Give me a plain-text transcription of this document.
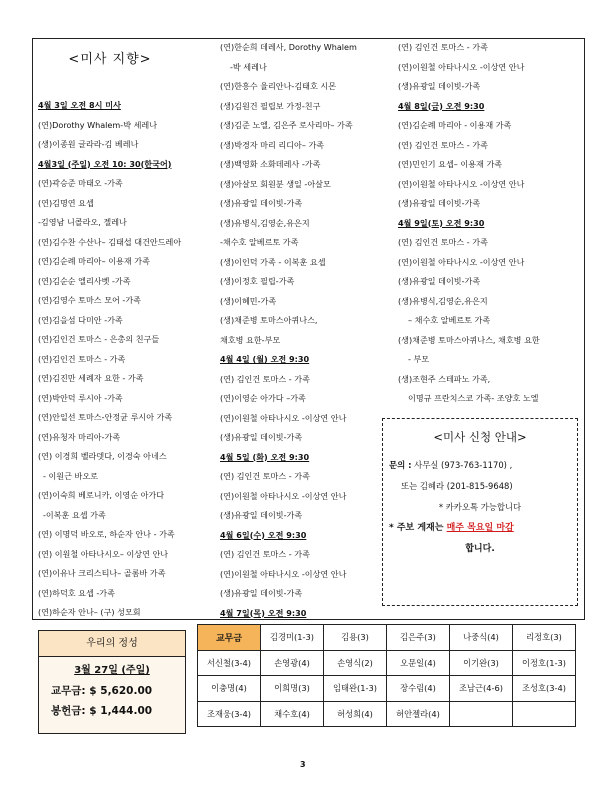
<미사 지향>
4월 3일 오전 8시 미사
(연)Dorothy Whalem-박 세레나
(생)이종원 글라라-김 베레나
4월3일 (주일) 오전 10: 30(한국어)
(연)곽승준 마태오 -가족
(연)김명연 요셉
-김영남 니콜라오, 젤레나
(연)김수찬 수산나– 김태섭 대건안드레아
(연)김순례 마리아– 이용재 가족
(연)김순순 엘리사벳 -가족
(연)김영수 토마스 모어 -가족
(연)김을섬 다미안 -가족
(연)김인건 토마스 - 은총의 친구들
(연)김인건 토마스 - 가족
(연)김진만 세례자 요한 - 가족
(연)박안덕 루시아 -가족
(연)안일선 토마스-안정균 루시아 가족
(연)유청자 마리아-가족
(연) 이경희 벨라뎃다, 이경숙 아네스
- 이원근 바오로
(연)이숙희 베로니카, 이영순 아가다
-이복훈 요셉 가족
(연) 이명덕 바오로, 하순자 안나 - 가족
(연) 이원철 아타나시오– 이상연 안나
(연)이유나 크리스티나– 골롬바 가족
(연)하덕호 요셉 -가족
(연)하순자 안나– (구) 성모회
(연)한순희 데레사, Dorothy Whalem
-박 세레나
(연)한흥수 율리안나-김태호 시몬
(생)김원건 필립보 가정-친구
(생)김준 노엘, 김은주 로사리마– 가족
(생)박경자 마리 리디아– 가족
(생)백영화 소화데레사 -가족
(생)아살모 회원분 생일 -아살모
(생)유광일 데이빗-가족
(생)유병식,김영순,유은지
-채수호 알베르토 가족
(생)이인덕 가족 - 이복훈 요셉
(생)이정호 필립-가족
(생)이혜민-가족
(생)채준병 토마스아퀴나스,
채호병 요한-부모
4월 4일 (월) 오전 9:30
(연) 김인건 토마스 - 가족
(연)이영순 아가다 –가족
(연)이원철 아타나시오 -이상연 안나
(생)유광일 데이빗-가족
4월 5일 (화) 오전 9:30
(연) 김인건 토마스 - 가족
(연)이원철 아타나시오 -이상연 안나
(생)유광일 데이빗-가족
4월 6일(수) 오전 9:30
(연) 김인건 토마스 - 가족
(연)이원철 아타나시오 -이상연 안나
(생)유광일 데이빗-가족
4월 7일(목) 오전 9:30
(연) 김인건 토마스 - 가족
(연)이원철 아타나시오 -이상연 안나
(생)유광일 데이빗-가족
4월 8일(금) 오전 9:30
(연)김순례 마리아 - 이용재 가족
(연) 김인건 토마스 - 가족
(연)민인기 요셉– 이용재 가족
(연)이원철 아타나시오 -이상연 안나
(생)유광일 데이빗-가족
4월 9일(토) 오전 9:30
(연) 김인건 토마스 - 가족
(연)이원철 아타나시오 -이상연 안나
(생)유광일 데이빗-가족
(생)유병식,김영순,유은지
– 채수호 알베르토 가족
(생)채준병 토마스아퀴나스, 채호병 요한
- 부모
(생)조현주 스테파노 가족,
이명규 프란치스코 가족- 조양호 노엘
<미사 신청 안내>
문의 : 사무실 (973-763-1170) ,
또는 김혜라 (201-815-9648)
* 카카오톡 가능합니다
* 주보 게재는 매주 목요일 마감
합니다.
우리의 정성
3월 27일 (주일)
교무금: $ 5,620.00
봉헌금: $ 1,444.00
교무금	김경미(1-3)	김용(3)	김은주(3)	나중식(4)	리정호(3)
서신철(3-4)	손영광(4)	손영식(2)	오문일(4)	이기완(3)	이정호(1-3)
이충명(4)	이희명(3)	임태완(1-3)	장수림(4)	조남근(4-6)	조성호(3-4)
조재웅(3-4)	채수호(4)	허성희(4)	허안젤라(4)		
3
